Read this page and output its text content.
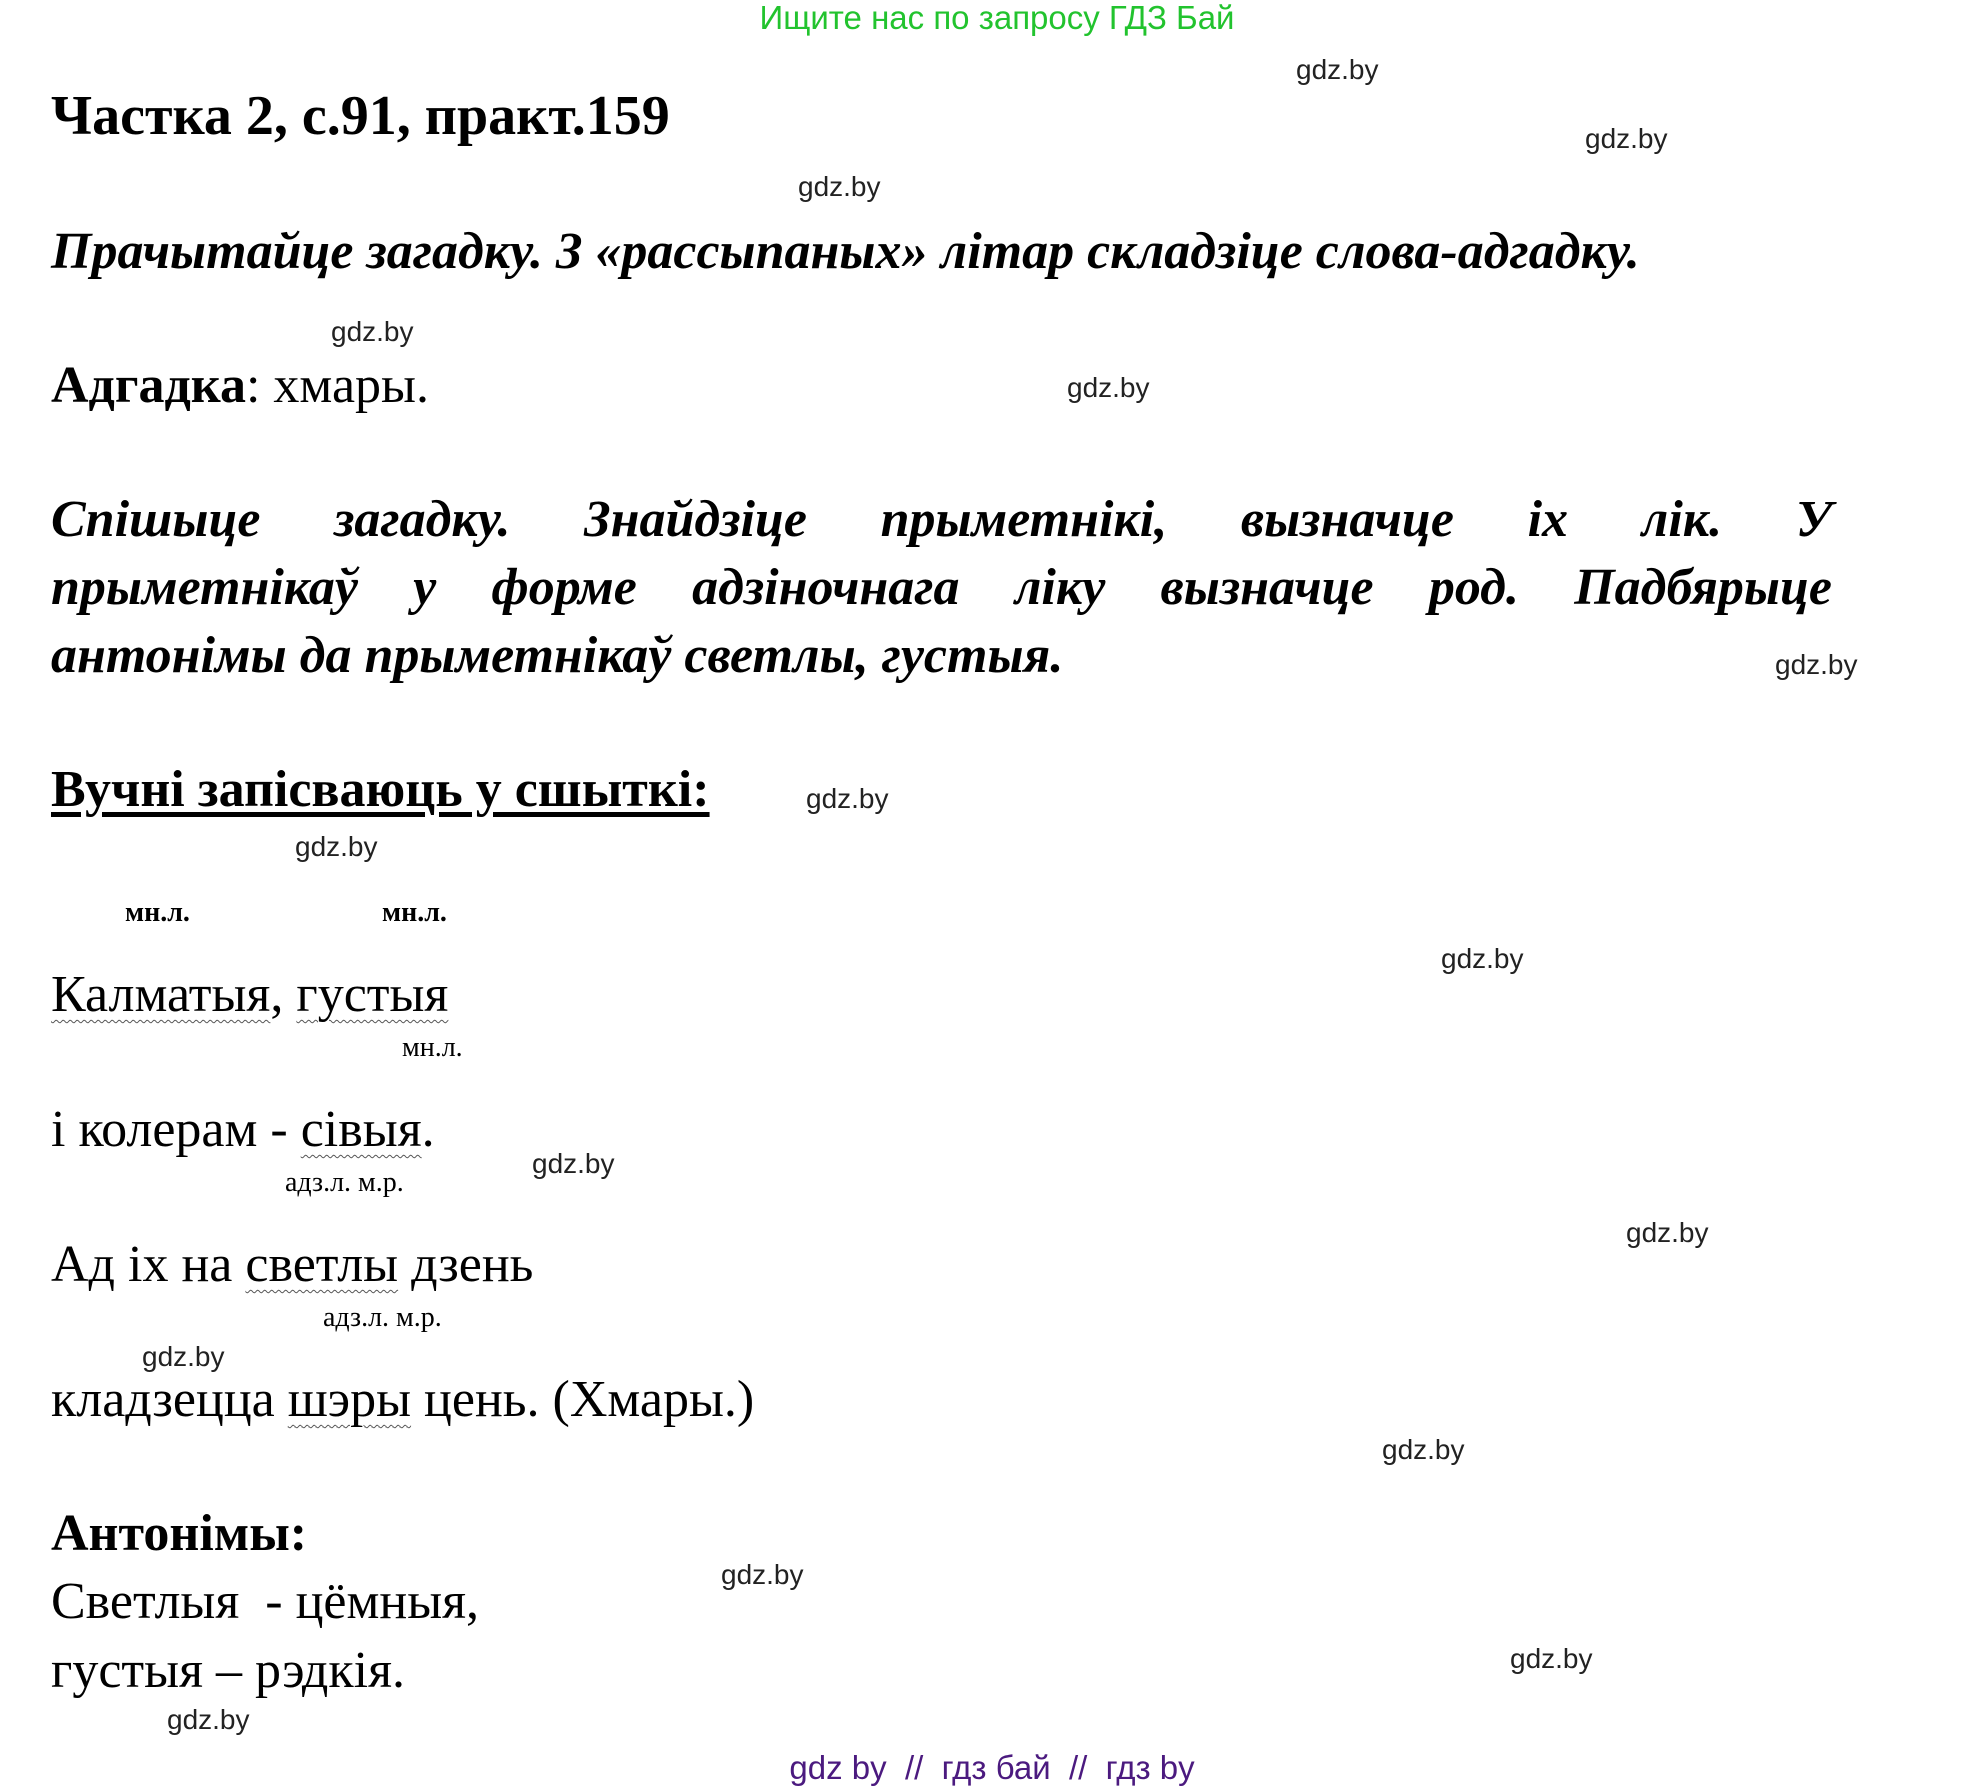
Ищите нас по запросу ГДЗ Бай
Частка 2, с.91, практ.159
Прачытайце загадку. З «рассыпаных» літар складзіце слова-адгадку.
Адгадка: хмары.
Спішыце загадку. Знайдзіце прыметнікі, вызначце іх лік. У
прыметнікаў у форме адзіночнага ліку вызначце род. Падбярыце
антонімы да прыметнікаў светлы, густыя.
Вучні запісваюць у сшыткі:
мн.л.	мн.л.
Калматыя, густыя
мн.л.
і колерам - сівыя.
адз.л. м.р.
Ад іх на светлы дзень
адз.л. м.р.
кладзецца шэры цень. (Хмары.)
Антонімы:
Светлыя  - цёмныя,
густыя – рэдкія.
gdz.by
gdz.by
gdz.by
gdz.by
gdz.by
gdz.by
gdz.by
gdz.by
gdz.by
gdz.by
gdz.by
gdz.by
gdz.by
gdz.by
gdz.by
gdz.by
gdz by  //  гдз бай  //  гдз by
